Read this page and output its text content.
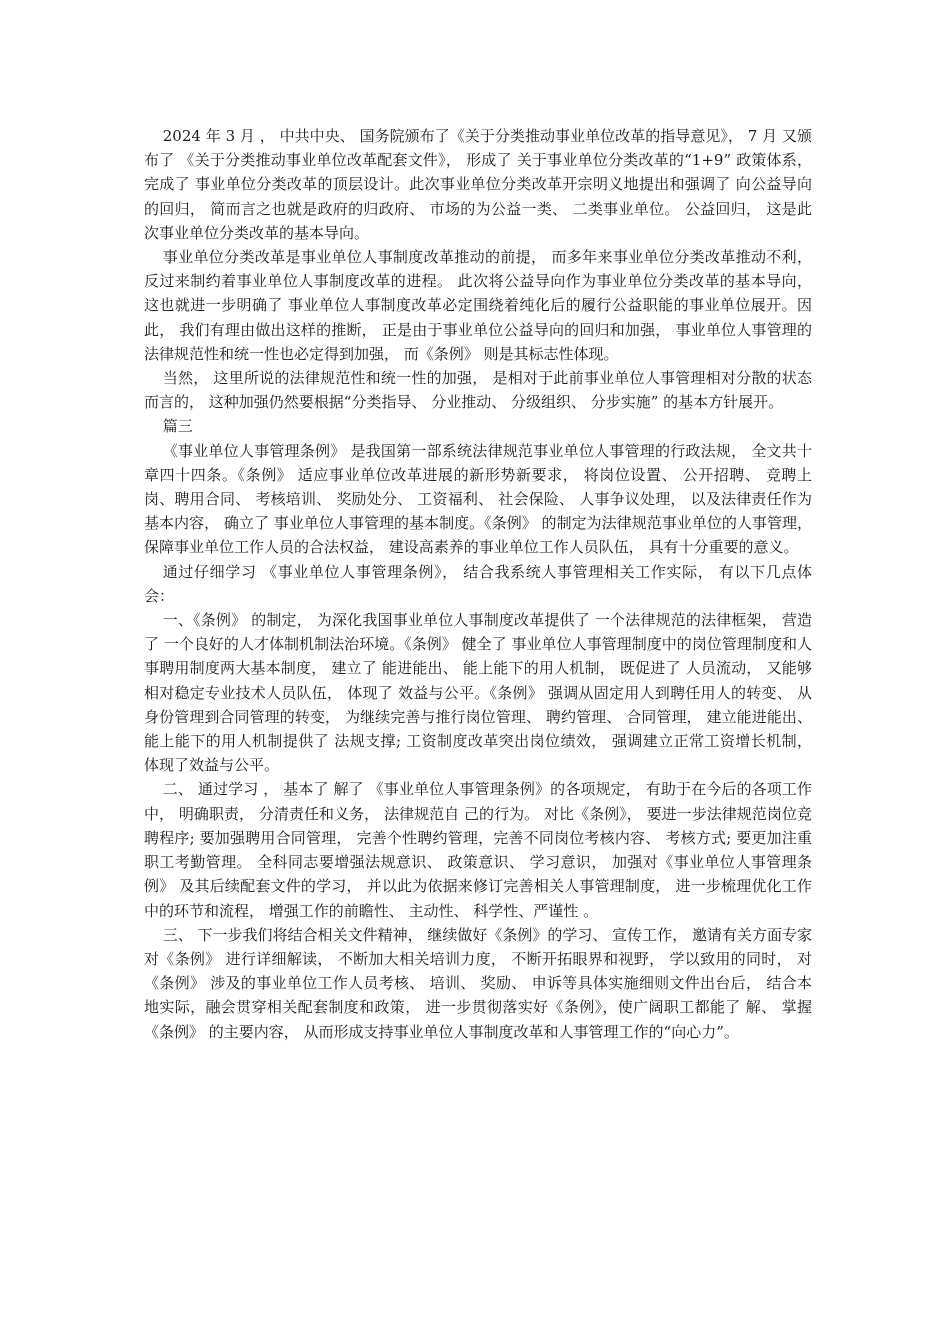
2024 年 3 月 ， 中共中央、 国务院颁布了《关于分类推动事业单位改革的指导意见》， 7 月 又颁布了 《关于分类推动事业单位改革配套文件》， 形成了 关于事业单位分类改革的“1+9” 政策体系， 完成了 事业单位分类改革的顶层设计。此次事业单位分类改革开宗明义地提出和强调了 向公益导向的回归， 简而言之也就是政府的归政府、 市场的为公益一类、 二类事业单位。 公益回归， 这是此次事业单位分类改革的基本导向。

事业单位分类改革是事业单位人事制度改革推动的前提， 而多年来事业单位分类改革推动不利， 反过来制约着事业单位人事制度改革的进程。 此次将公益导向作为事业单位分类改革的基本导向， 这也就进一步明确了 事业单位人事制度改革必定围绕着纯化后的履行公益职能的事业单位展开。因此， 我们有理由做出这样的推断， 正是由于事业单位公益导向的回归和加强， 事业单位人事管理的法律规范性和统一性也必定得到加强， 而《条例》 则是其标志性体现。

当然， 这里所说的法律规范性和统一性的加强， 是相对于此前事业单位人事管理相对分散的状态而言的， 这种加强仍然要根据“分类指导、 分业推动、 分级组织、 分步实施” 的基本方针展开。

篇三

《事业单位人事管理条例》 是我国第一部系统法律规范事业单位人事管理的行政法规， 全文共十章四十四条。《条例》 适应事业单位改革进展的新形势新要求， 将岗位设置、 公开招聘、 竞聘上岗、聘用合同、 考核培训、 奖励处分、 工资福利、 社会保险、 人事争议处理， 以及法律责任作为基本内容， 确立了 事业单位人事管理的基本制度。《条例》 的制定为法律规范事业单位的人事管理， 保障事业单位工作人员的合法权益， 建设高素养的事业单位工作人员队伍， 具有十分重要的意义。

通过仔细学习 《事业单位人事管理条例》， 结合我系统人事管理相关工作实际， 有以下几点体会：

一、《条例》 的制定， 为深化我国事业单位人事制度改革提供了 一个法律规范的法律框架， 营造了 一个良好的人才体制机制法治环境。《条例》 健全了 事业单位人事管理制度中的岗位管理制度和人事聘用制度两大基本制度， 建立了 能进能出、 能上能下的用人机制， 既促进了 人员流动， 又能够相对稳定专业技术人员队伍， 体现了 效益与公平。《条例》 强调从固定用人到聘任用人的转变、 从身份管理到合同管理的转变， 为继续完善与推行岗位管理、 聘约管理、 合同管理， 建立能进能出、 能上能下的用人机制提供了 法规支撑; 工资制度改革突出岗位绩效， 强调建立正常工资增长机制， 体现了效益与公平。

二、 通过学习 ， 基本了 解了 《事业单位人事管理条例》的各项规定， 有助于在今后的各项工作中， 明确职责， 分清责任和义务， 法律规范自 己的行为。 对比《条例》， 要进一步法律规范岗位竞聘程序; 要加强聘用合同管理， 完善个性聘约管理，完善不同岗位考核内容、 考核方式; 要更加注重职工考勤管理。 全科同志要增强法规意识、 政策意识、 学习意识， 加强对《事业单位人事管理条例》 及其后续配套文件的学习， 并以此为依据来修订完善相关人事管理制度， 进一步梳理优化工作中的环节和流程， 增强工作的前瞻性、 主动性、 科学性、严谨性 。

三、 下一步我们将结合相关文件精神， 继续做好《条例》的学习、 宣传工作， 邀请有关方面专家对《条例》 进行详细解读， 不断加大相关培训力度， 不断开拓眼界和视野， 学以致用的同时， 对《条例》 涉及的事业单位工作人员考核、 培训、 奖励、 申诉等具体实施细则文件出台后， 结合本地实际，融会贯穿相关配套制度和政策， 进一步贯彻落实好《条例》，使广阔职工都能了 解、 掌握《条例》 的主要内容， 从而形成支持事业单位人事制度改革和人事管理工作的“向心力”。
